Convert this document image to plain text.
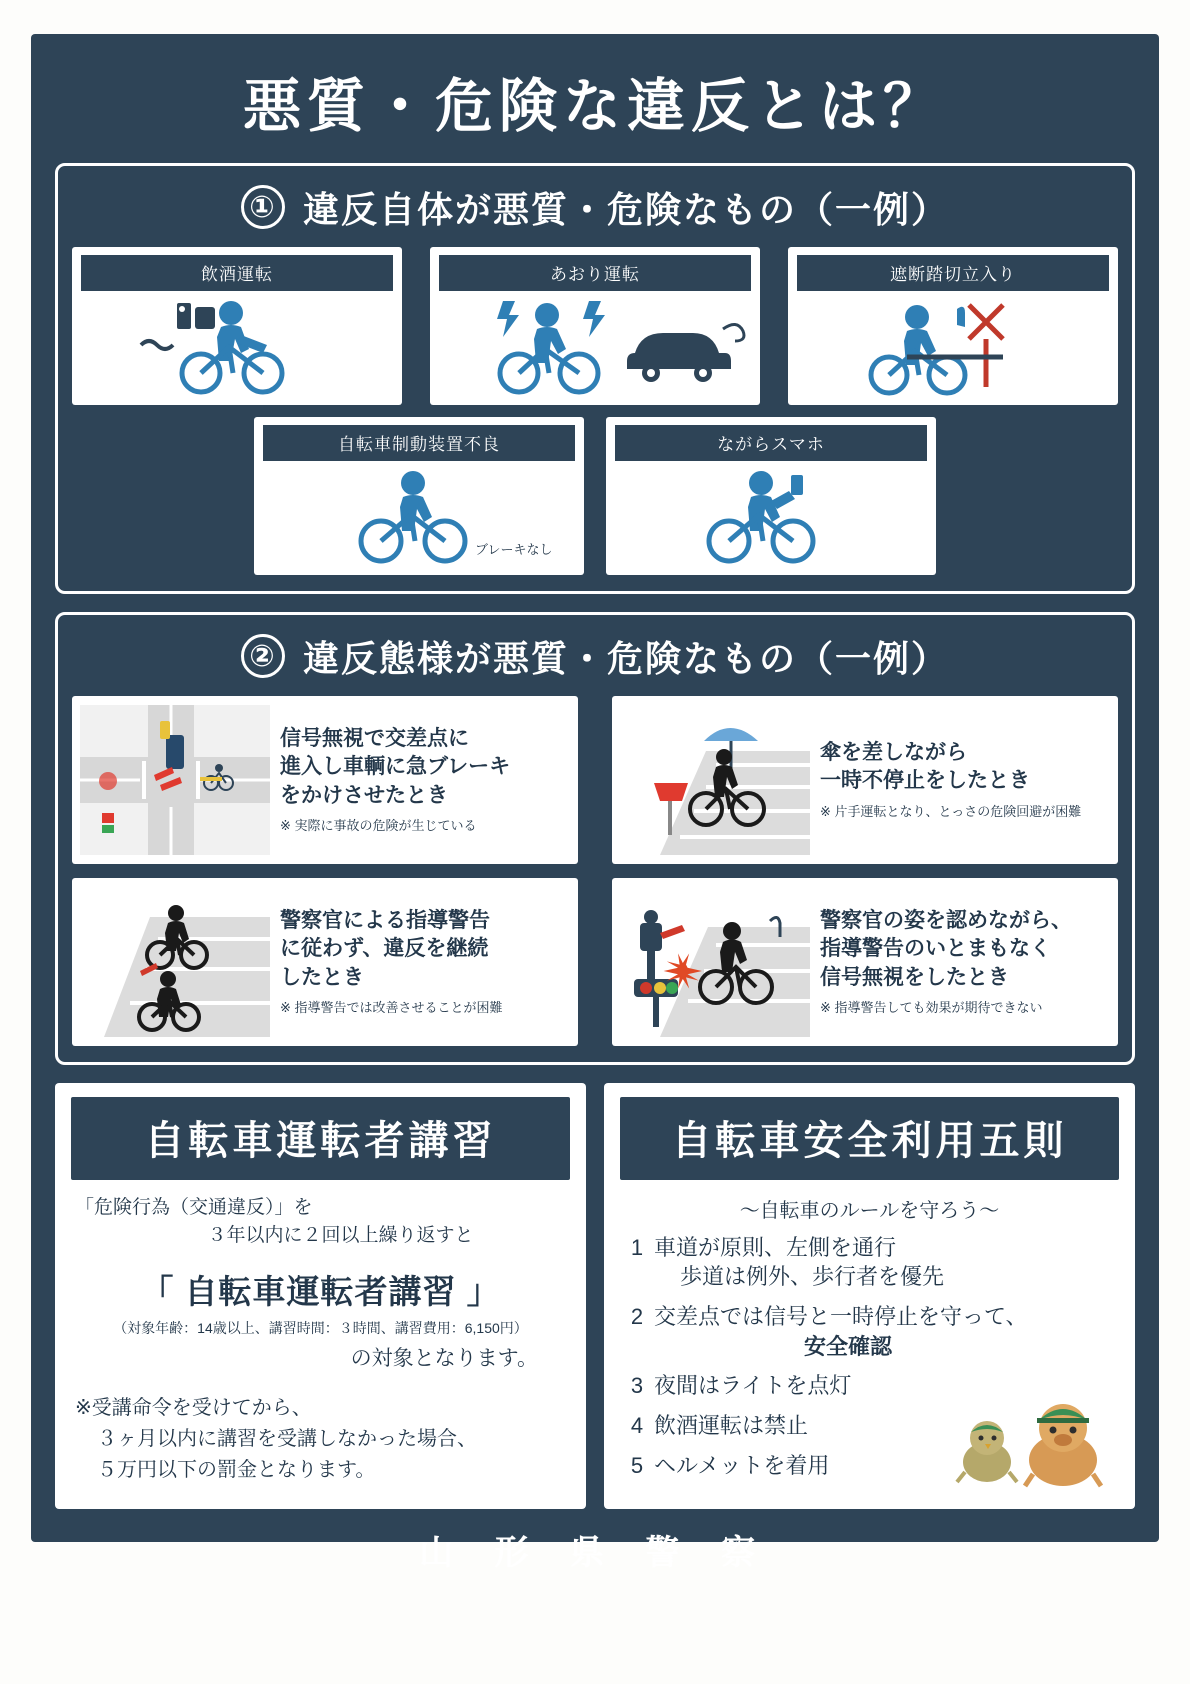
悪質・危険な違反とは？
① 違反自体が悪質・危険なもの（一例）
飲酒運転	あおり運転	遮断踏切立入り
自転車制動装置不良
ブレーキなし
ながらスマホ
② 違反態様が悪質・危険なもの（一例）

信号無視で交差点に

進入し車輌に急ブレーキ

をかけさせたとき

※ 実際に事故の危険が生じている

傘を差しながら

一時不停止をしたとき

※ 片手運転となり、とっさの危険回避が困難

警察官による指導警告

に従わず、違反を継続

したとき

※ 指導警告では改善させることが困難

警察官の姿を認めながら、

指導警告のいとまもなく

信号無視をしたとき

※ 指導警告しても効果が期待できない

自転車運転者講習
「危険行為（交通違反）」を
３年以内に２回以上繰り返すと
「 自転車運転者講習 」
（対象年齢：14歳以上、講習時間：３時間、講習費用：6,150円）
の対象となります。
※受講命令を受けてから、
３ヶ月以内に講習を受講しなかった場合、
５万円以下の罰金となります。
自転車安全利用五則
〜自転車のルールを守ろう〜
1 車道が原則、左側を通行
歩道は例外、歩行者を優先
2 交差点では信号と一時停止を守って、
安全確認
3 夜間はライトを点灯
4 飲酒運転は禁止
5 ヘルメットを着用
山 形 県 警 察
